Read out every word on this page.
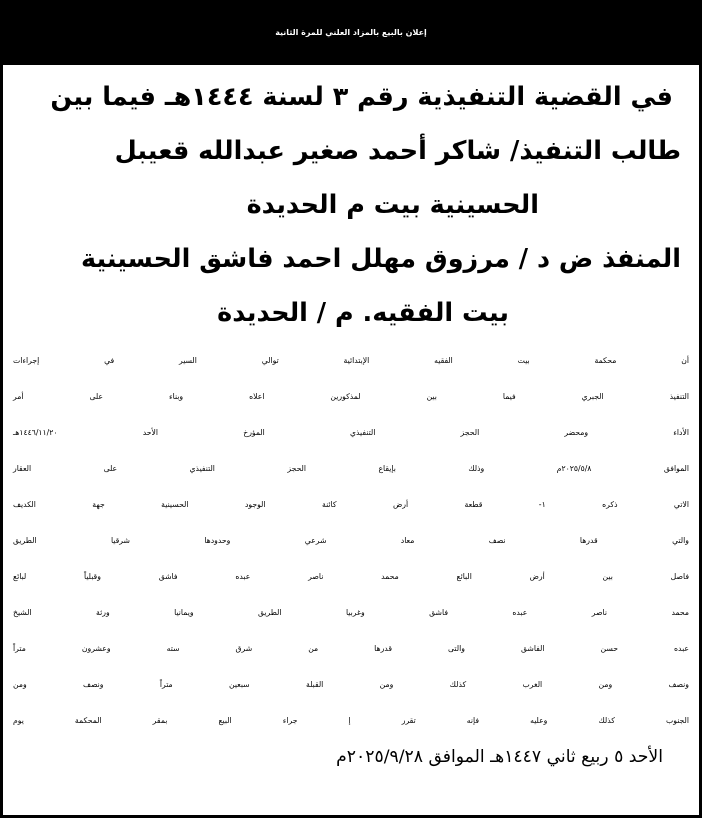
إعلان بالبيع بالمزاد العلني للمرة الثانية
في القضية التنفيذية رقم ٣ لسنة ١٤٤٤هـ فيما بين
طالب التنفيذ/ شاكر أحمد صغير عبدالله قعيبل
الحسينية بيت م الحديدة
المنفذ ض د / مرزوق مهلل احمد فاشق الحسينية
بيت الفقيه. م / الحديدة
أن محكمة بيت الفقيه الإبتدائية توالي السير في إجراءات
التنفيذ الجبري فيما بين لمذكورين اعلاه وبناء على أمر
الأداء ومحضر الحجز التنفيذي المؤرخ الأحد ١٤٤٦/١١/٢٠هـ
الموافق ٢٠٢٥/٥/٨م وذلك بإيقاع الحجز التنفيذي على العقار
الاتي ذكره ١- قطعة أرض كائنة الوجود الحسينية جهة الكديف
والتي قدرها نصف معاد شرعي وحدودها شرقيا الطريق
فاصل بين أرض البائع محمد ناصر عبده فاشق وقبلياً لبائع
محمد ناصر عبده فاشق وغربيا الطريق ويمانيا ورثة الشيخ
عبده حسن الفاشق والتى قدرها من شرق سته وعشرون متراً
ونصف ومن الغرب كذلك ومن القبلة سبعين متراً ونصف ومن
الجنوب كذلك وعليه فإنه تقرر إ جراء البيع بمقر المحكمة يوم
الأحد ٥ ربيع ثاني ١٤٤٧هـ الموافق ٢٠٢٥/٩/٢٨م
